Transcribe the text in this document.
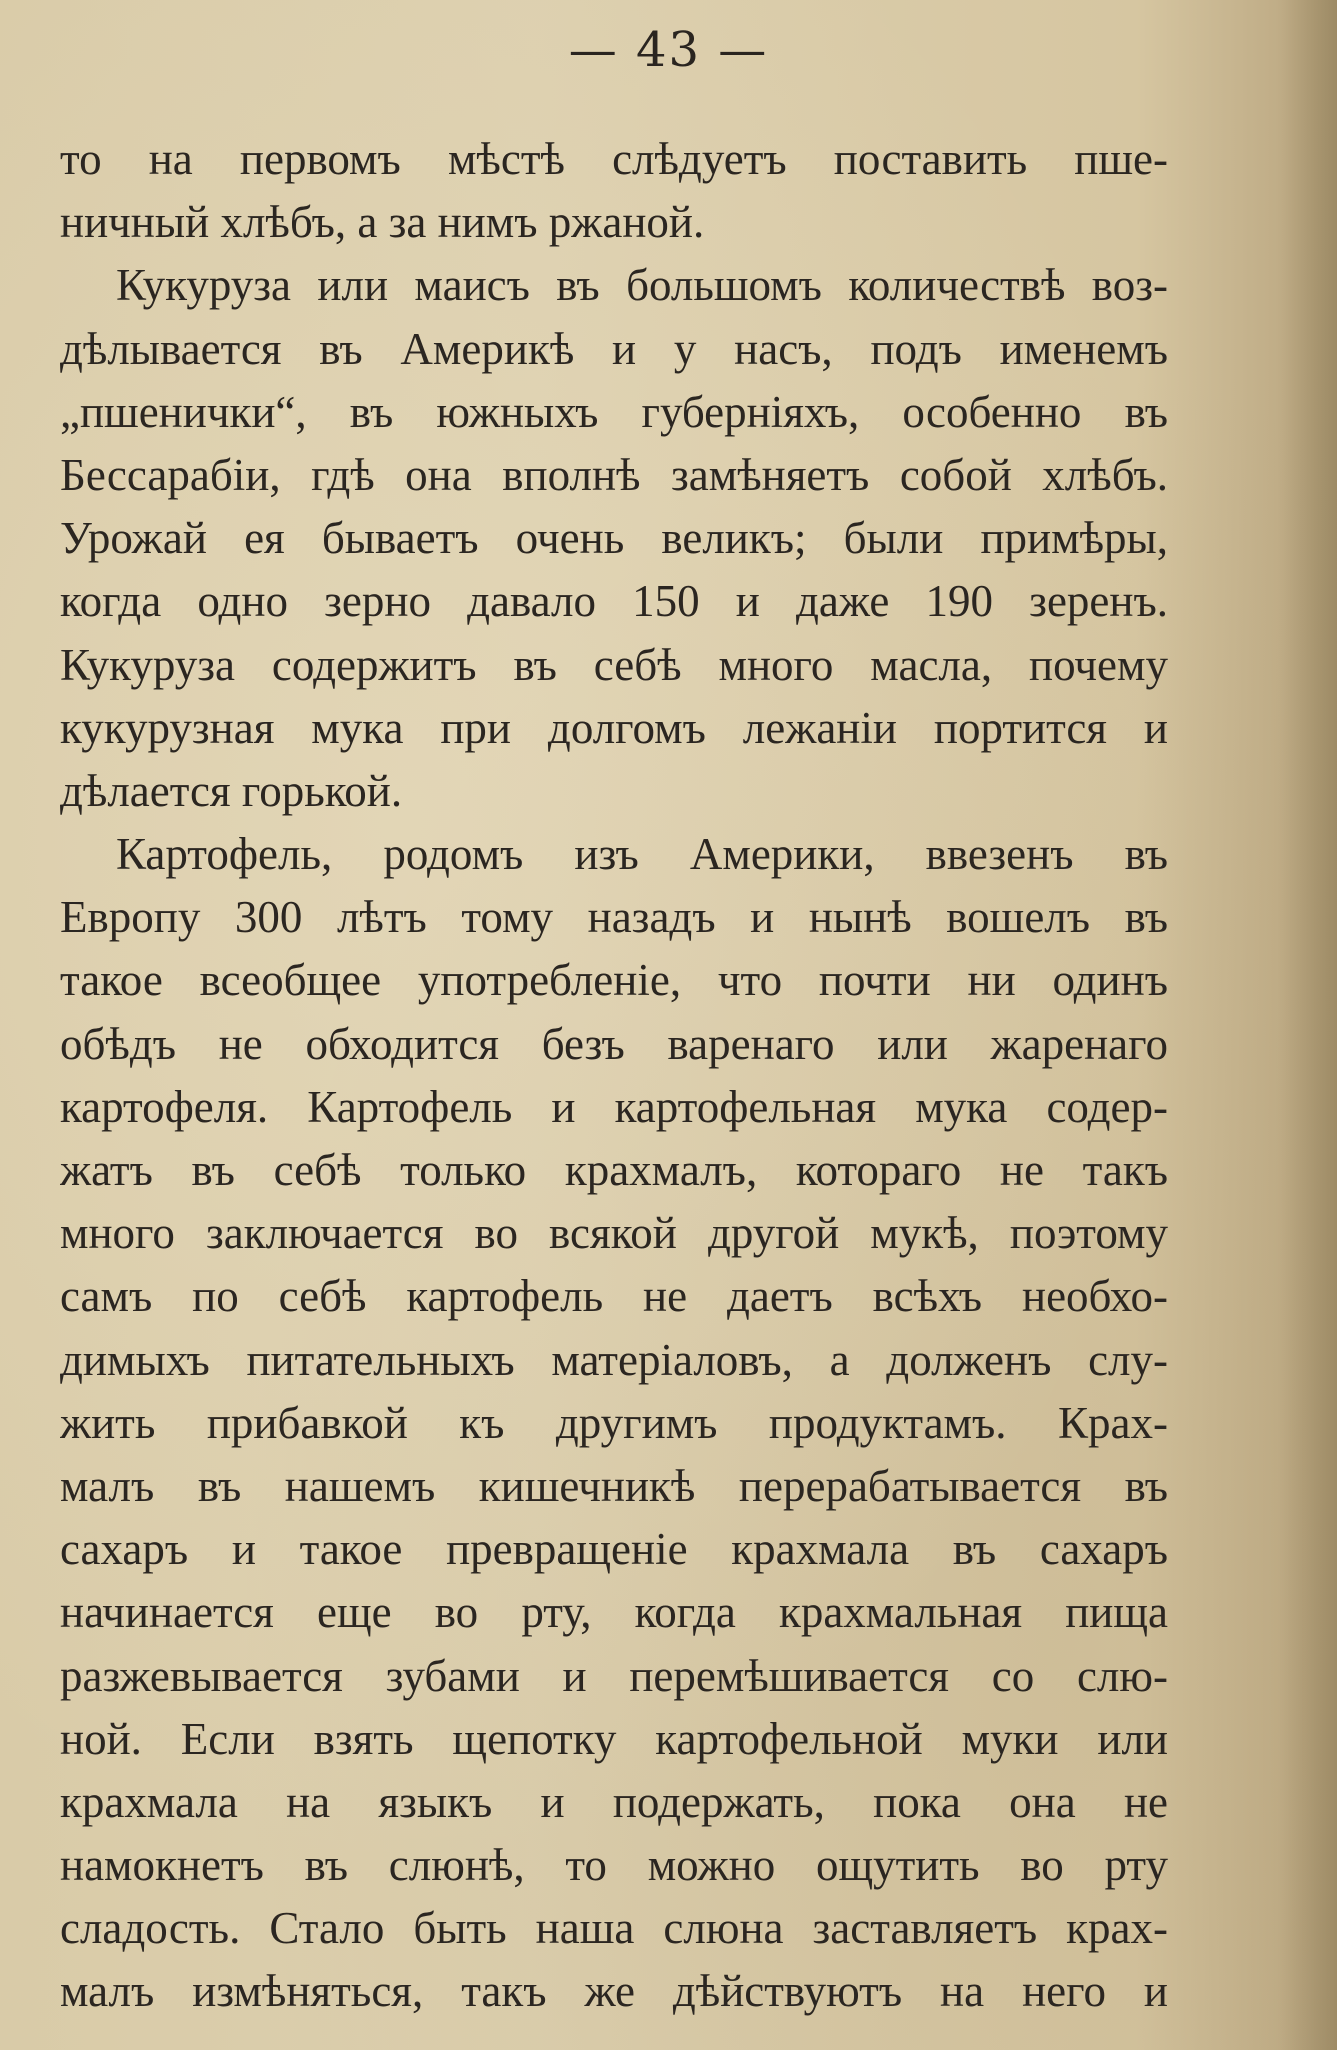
— 43 —
то на первомъ мѣстѣ слѣдуетъ поставить пше-
ничный хлѣбъ, а за нимъ ржаной.
Кукуруза или маисъ въ большомъ количествѣ воз-
дѣлывается въ Америкѣ и у насъ, подъ именемъ
„пшенички“, въ южныхъ губерніяхъ, особенно въ
Бессарабіи, гдѣ она вполнѣ замѣняетъ собой хлѣбъ.
Урожай ея бываетъ очень великъ; были примѣры,
когда одно зерно давало 150 и даже 190 зеренъ.
Кукуруза содержитъ въ себѣ много масла, почему
кукурузная мука при долгомъ лежаніи портится и
дѣлается горькой.
Картофель, родомъ изъ Америки, ввезенъ въ
Европу 300 лѣтъ тому назадъ и нынѣ вошелъ въ
такое всеобщее употребленіе, что почти ни одинъ
обѣдъ не обходится безъ варенаго или жаренаго
картофеля. Картофель и картофельная мука содер-
жатъ въ себѣ только крахмалъ, котораго не такъ
много заключается во всякой другой мукѣ, поэтому
самъ по себѣ картофель не даетъ всѣхъ необхо-
димыхъ питательныхъ матеріаловъ, а долженъ слу-
жить прибавкой къ другимъ продуктамъ. Крах-
малъ въ нашемъ кишечникѣ перерабатывается въ
сахаръ и такое превращеніе крахмала въ сахаръ
начинается еще во рту, когда крахмальная пища
разжевывается зубами и перемѣшивается со слю-
ной. Если взять щепотку картофельной муки или
крахмала на языкъ и подержать, пока она не
намокнетъ въ слюнѣ, то можно ощутить во рту
сладость. Стало быть наша слюна заставляетъ крах-
малъ измѣняться, такъ же дѣйствуютъ на него и
